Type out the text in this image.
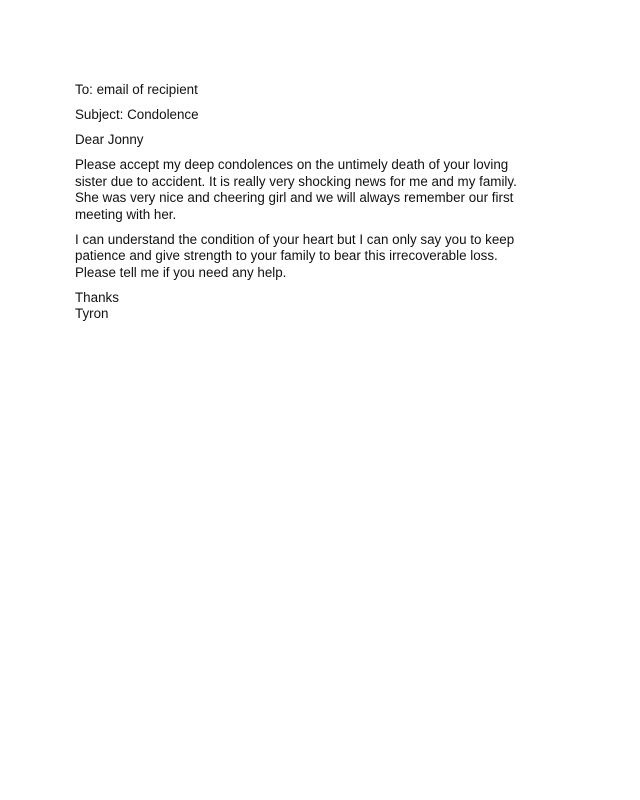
To: email of recipient

Subject: Condolence

Dear Jonny

Please accept my deep condolences on the untimely death of your loving
sister due to accident. It is really very shocking news for me and my family.
She was very nice and cheering girl and we will always remember our first
meeting with her.

I can understand the condition of your heart but I can only say you to keep
patience and give strength to your family to bear this irrecoverable loss.
Please tell me if you need any help.

Thanks
Tyron
